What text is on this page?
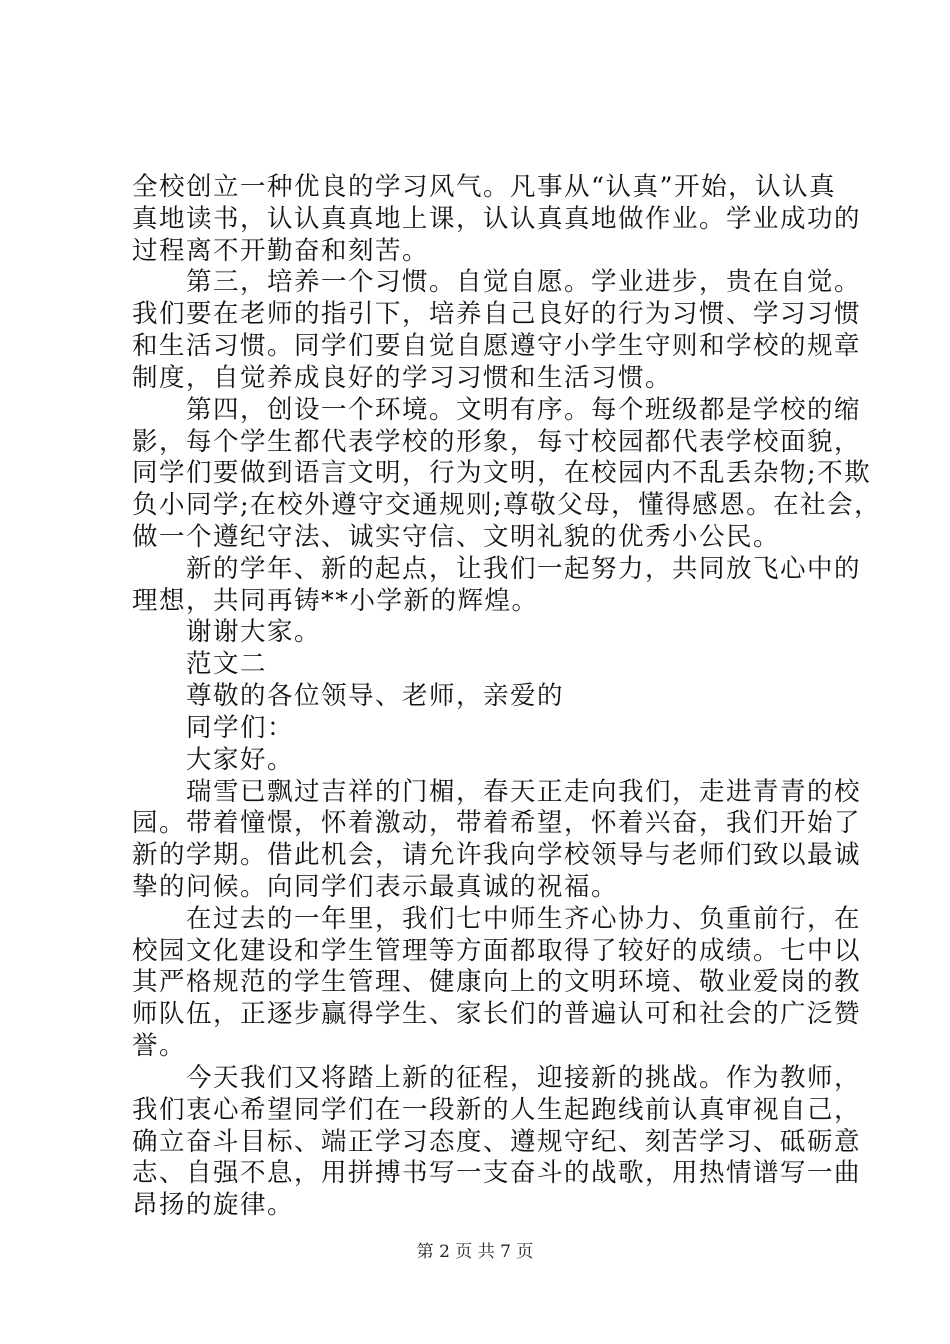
全校创立一种优良的学习风气。凡事从“认真”开始，认认真
真地读书，认认真真地上课，认认真真地做作业。学业成功的
过程离不开勤奋和刻苦。
　　第三，培养一个习惯。自觉自愿。学业进步，贵在自觉。
我们要在老师的指引下，培养自己良好的行为习惯、学习习惯
和生活习惯。同学们要自觉自愿遵守小学生守则和学校的规章
制度，自觉养成良好的学习习惯和生活习惯。
　　第四，创设一个环境。文明有序。每个班级都是学校的缩
影，每个学生都代表学校的形象，每寸校园都代表学校面貌，
同学们要做到语言文明，行为文明，在校园内不乱丢杂物;不欺
负小同学;在校外遵守交通规则;尊敬父母，懂得感恩。在社会，
做一个遵纪守法、诚实守信、文明礼貌的优秀小公民。
　　新的学年、新的起点，让我们一起努力，共同放飞心中的
理想，共同再铸**小学新的辉煌。
　　谢谢大家。
　　范文二
　　尊敬的各位领导、老师，亲爱的
　　同学们：
　　大家好。
　　瑞雪已飘过吉祥的门楣，春天正走向我们，走进青青的校
园。带着憧憬，怀着激动，带着希望，怀着兴奋，我们开始了
新的学期。借此机会，请允许我向学校领导与老师们致以最诚
挚的问候。向同学们表示最真诚的祝福。
　　在过去的一年里，我们七中师生齐心协力、负重前行，在
校园文化建设和学生管理等方面都取得了较好的成绩。七中以
其严格规范的学生管理、健康向上的文明环境、敬业爱岗的教
师队伍，正逐步赢得学生、家长们的普遍认可和社会的广泛赞
誉。
　　今天我们又将踏上新的征程，迎接新的挑战。作为教师，
我们衷心希望同学们在一段新的人生起跑线前认真审视自己，
确立奋斗目标、端正学习态度、遵规守纪、刻苦学习、砥砺意
志、自强不息，用拼搏书写一支奋斗的战歌，用热情谱写一曲
昂扬的旋律。
第 2 页 共 7 页
